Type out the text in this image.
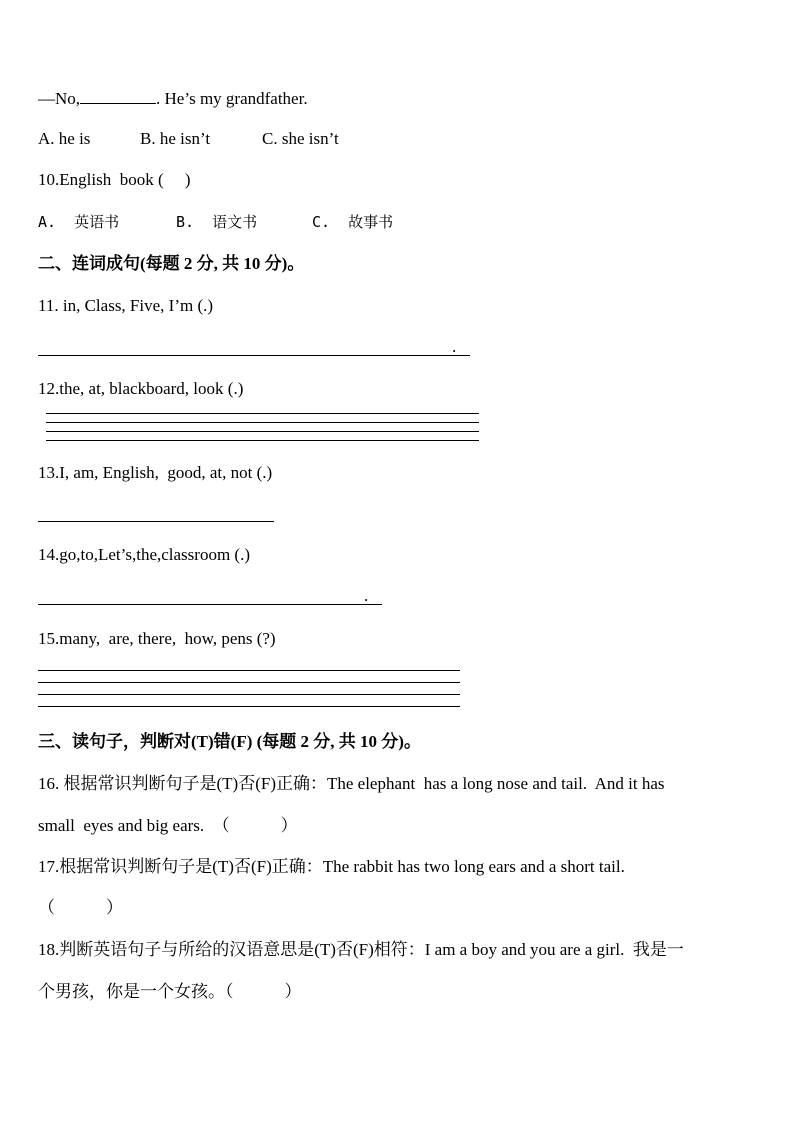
—No,	. He’s my grandfather.
A. he is	B. he isn’t	C. she isn’t
10.English  book (     )
A.  英语书	B.  语文书	C.  故事书
二、连词成句(每题 2 分, 共 10 分)。
11. in, Class, Five, I’m (.)
.
12.the, at, blackboard, look (.)
13.I, am, English,  good, at, not (.)
14.go,to,Let’s,the,classroom (.)
.
15.many,  are, there,  how, pens (?)
三、读句子，判断对(T)错(F) (每题 2 分, 共 10 分)。
16. 根据常识判断句子是(T)否(F)正确：The elephant  has a long nose and tail.  And it has
small  eyes and big ears.  （            ）
17.根据常识判断句子是(T)否(F)正确：The rabbit has two long ears and a short tail.
（            ）
18.判断英语句子与所给的汉语意思是(T)否(F)相符：I am a boy and you are a girl.  我是一
个男孩，你是一个女孩。（            ）
